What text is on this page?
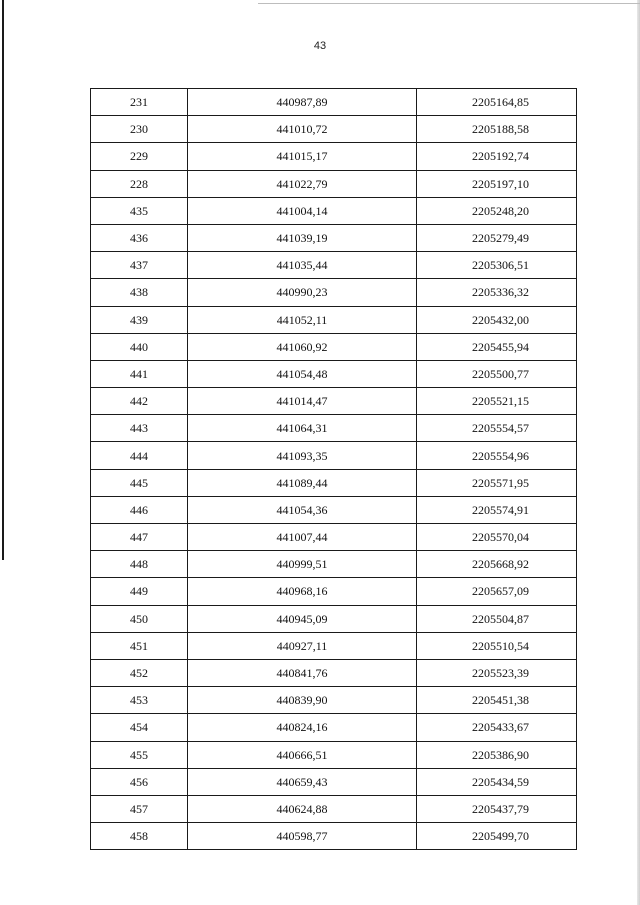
43
231	440987,89	2205164,85
230	441010,72	2205188,58
229	441015,17	2205192,74
228	441022,79	2205197,10
435	441004,14	2205248,20
436	441039,19	2205279,49
437	441035,44	2205306,51
438	440990,23	2205336,32
439	441052,11	2205432,00
440	441060,92	2205455,94
441	441054,48	2205500,77
442	441014,47	2205521,15
443	441064,31	2205554,57
444	441093,35	2205554,96
445	441089,44	2205571,95
446	441054,36	2205574,91
447	441007,44	2205570,04
448	440999,51	2205668,92
449	440968,16	2205657,09
450	440945,09	2205504,87
451	440927,11	2205510,54
452	440841,76	2205523,39
453	440839,90	2205451,38
454	440824,16	2205433,67
455	440666,51	2205386,90
456	440659,43	2205434,59
457	440624,88	2205437,79
458	440598,77	2205499,70
